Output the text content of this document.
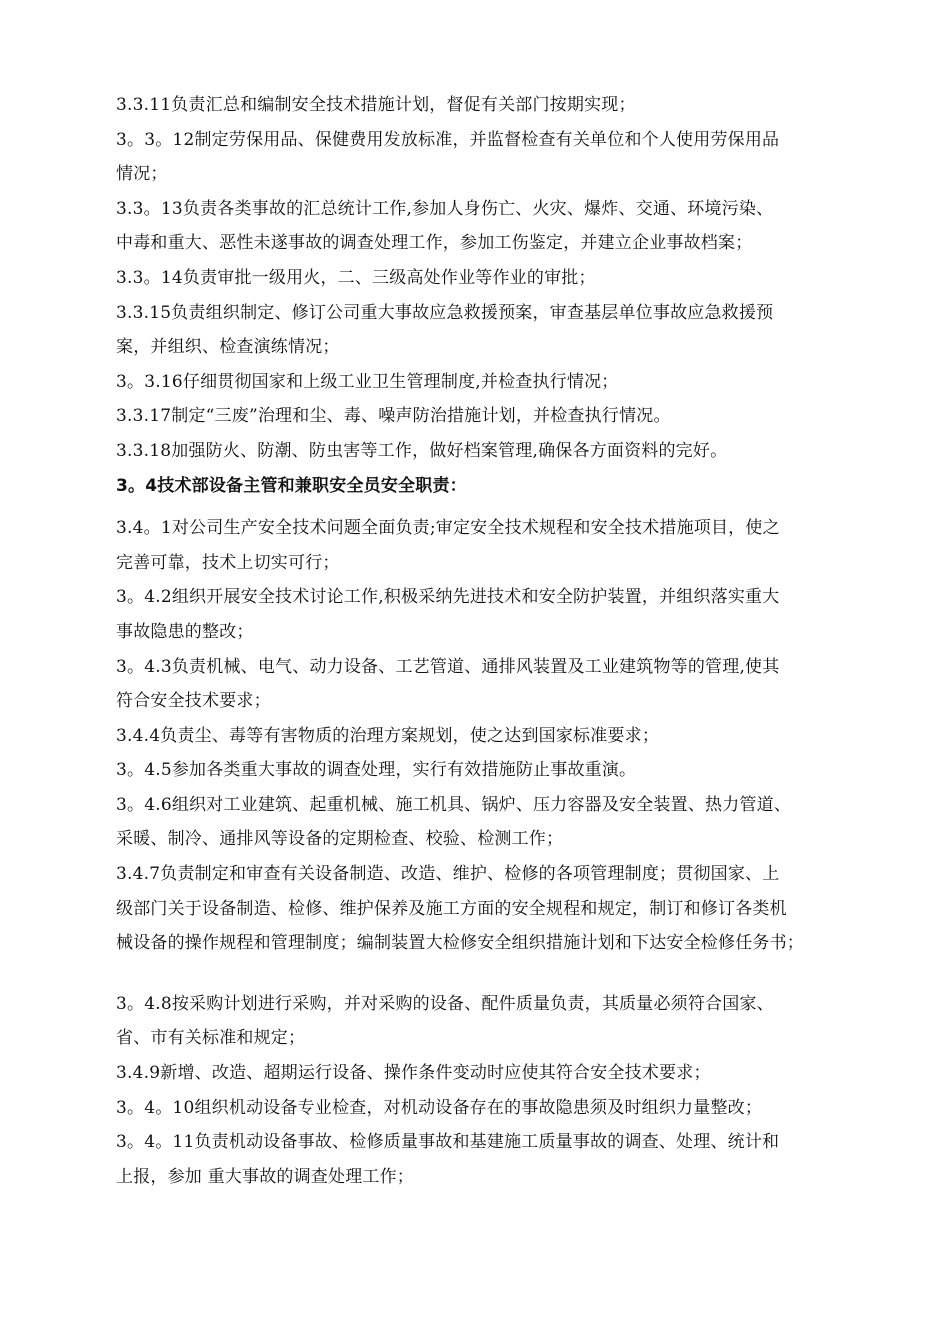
3.3.11负责汇总和编制安全技术措施计划，督促有关部门按期实现；
3。3。12制定劳保用品、保健费用发放标准，并监督检查有关单位和个人使用劳保用品
情况；
3.3。13负责各类事故的汇总统计工作,参加人身伤亡、火灾、爆炸、交通、环境污染、
中毒和重大、恶性未遂事故的调查处理工作，参加工伤鉴定，并建立企业事故档案；
3.3。14负责审批一级用火，二、三级高处作业等作业的审批；
3.3.15负责组织制定、修订公司重大事故应急救援预案，审查基层单位事故应急救援预
案，并组织、检查演练情况；
3。3.16仔细贯彻国家和上级工业卫生管理制度,并检查执行情况；
3.3.17制定“三废”治理和尘、毒、噪声防治措施计划，并检查执行情况。
3.3.18加强防火、防潮、防虫害等工作，做好档案管理,确保各方面资料的完好。
3。4技术部设备主管和兼职安全员安全职责：
3.4。1对公司生产安全技术问题全面负责;审定安全技术规程和安全技术措施项目，使之
完善可靠，技术上切实可行；
3。4.2组织开展安全技术讨论工作,积极采纳先进技术和安全防护装置，并组织落实重大
事故隐患的整改；
3。4.3负责机械、电气、动力设备、工艺管道、通排风装置及工业建筑物等的管理,使其
符合安全技术要求；
3.4.4负责尘、毒等有害物质的治理方案规划，使之达到国家标准要求；
3。4.5参加各类重大事故的调查处理，实行有效措施防止事故重演。
3。4.6组织对工业建筑、起重机械、施工机具、锅炉、压力容器及安全装置、热力管道、
采暖、制冷、通排风等设备的定期检查、校验、检测工作；
3.4.7负责制定和审查有关设备制造、改造、维护、检修的各项管理制度；贯彻国家、上
级部门关于设备制造、检修、维护保养及施工方面的安全规程和规定，制订和修订各类机
械设备的操作规程和管理制度；编制装置大检修安全组织措施计划和下达安全检修任务书；
3。4.8按采购计划进行采购，并对采购的设备、配件质量负责，其质量必须符合国家、
省、市有关标准和规定；
3.4.9新增、改造、超期运行设备、操作条件变动时应使其符合安全技术要求；
3。4。10组织机动设备专业检查，对机动设备存在的事故隐患须及时组织力量整改；
3。4。11负责机动设备事故、检修质量事故和基建施工质量事故的调查、处理、统计和
上报，参加 重大事故的调查处理工作；
